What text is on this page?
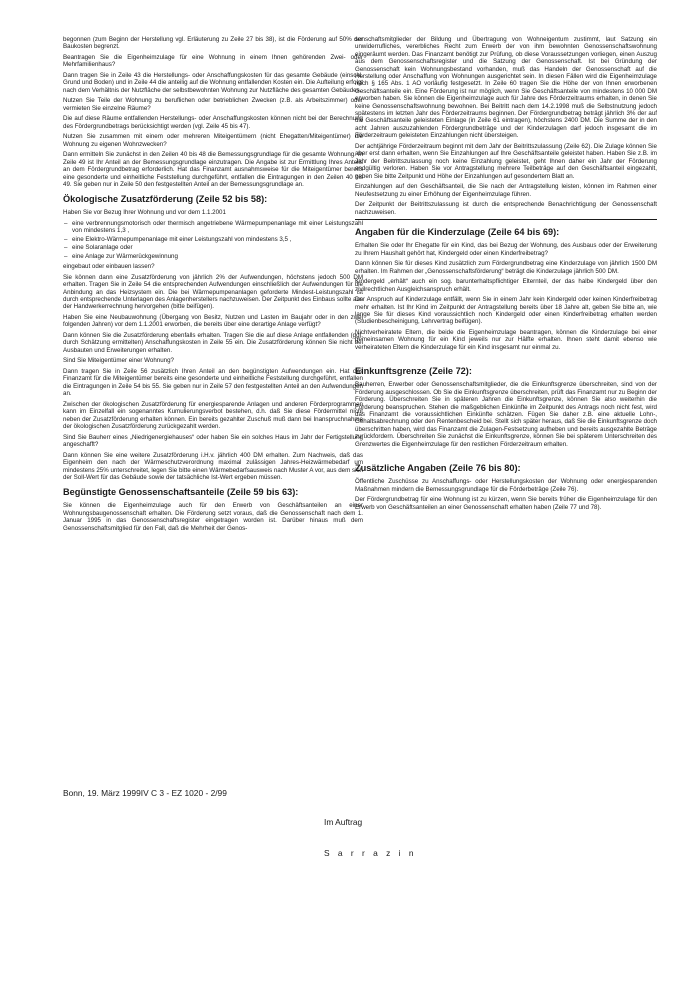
begonnen (zum Beginn der Herstellung vgl. Erläuterung zu Zeile 27 bis 38), ist die Förderung auf 50% der Baukosten begrenzt.

Beantragen Sie die Eigenheimzulage für eine Wohnung in einem Ihnen gehörenden Zwei- oder Mehrfamilienhaus?

Dann tragen Sie in Zeile 43 die Herstellungs- oder Anschaffungskosten für das gesamte Gebäude (einschl. Grund und Boden) und in Zeile 44 die anteilig auf die Wohnung entfallenden Kosten ein. Die Aufteilung erfolgt nach dem Verhältnis der Nutzfläche der selbstbewohnten Wohnung zur Nutzfläche des gesamten Gebäudes.

Nutzen Sie Teile der Wohnung zu beruflichen oder betrieblichen Zwecken (z.B. als Arbeitszimmer) oder vermieten Sie einzelne Räume?

Die auf diese Räume entfallenden Herstellungs- oder Anschaffungskosten können nicht bei der Berechnung des Fördergrundbetrags berücksichtigt werden (vgl. Zeile 45 bis 47).

Nutzen Sie zusammen mit einem oder mehreren Miteigentümern (nicht Ehegatten/Miteigentümer) die Wohnung zu eigenen Wohnzwecken?

Dann ermitteln Sie zunächst in den Zeilen 40 bis 48 die Bemessungsgrundlage für die gesamte Wohnung. In Zeile 49 ist Ihr Anteil an der Bemessungsgrundlage einzutragen. Die Angabe ist zur Ermittlung Ihres Anteils an dem Fördergrundbetrag erforderlich. Hat das Finanzamt ausnahmsweise für die Miteigentümer bereits eine gesonderte und einheitliche Feststellung durchgeführt, entfallen die Eintragungen in den Zeilen 40 bis 49. Sie geben nur in Zeile 50 den festgestellten Anteil an der Bemessungsgrundlage an.

Ökologische Zusatzförderung (Zeile 52 bis 58):

Haben Sie vor Bezug Ihrer Wohnung und vor dem 1.1.2001

– eine verbrennungsmotorisch oder thermisch angetriebene Wärmepumpenanlage mit einer Leistungszahl von mindestens 1,3 ,
– eine Elektro-Wärmepumpenanlage mit einer Leistungszahl von mindestens 3,5 ,
– eine Solaranlage oder
– eine Anlage zur Wärmerückgewinnung

eingebaut oder einbauen lassen?

Sie können dann eine Zusatzförderung von jährlich 2% der Aufwendungen, höchstens jedoch 500 DM erhalten. Tragen Sie in Zeile 54 die entsprechenden Aufwendungen einschließlich der Aufwendungen für die Anbindung an das Heizsystem ein. Die bei Wärmepumpenanlagen geforderte Mindest-Leistungszahl ist durch entsprechende Unterlagen des Anlagenherstellers nachzuweisen. Der Zeitpunkt des Einbaus sollte aus der Handwerkerrechnung hervorgehen (bitte beifügen).

Haben Sie eine Neubauwohnung (Übergang von Besitz, Nutzen und Lasten im Baujahr oder in den zwei folgenden Jahren) vor dem 1.1.2001 erworben, die bereits über eine derartige Anlage verfügt?

Dann können Sie die Zusatzförderung ebenfalls erhalten. Tragen Sie die auf diese Anlage entfallenden (ggf. durch Schätzung ermittelten) Anschaffungskosten in Zeile 55 ein. Die Zusatzförderung können Sie nicht bei Ausbauten und Erweiterungen erhalten.

Sind Sie Miteigentümer einer Wohnung?

Dann tragen Sie in Zeile 56 zusätzlich Ihren Anteil an den begünstigten Aufwendungen ein. Hat das Finanzamt für die Miteigentümer bereits eine gesonderte und einheitliche Feststellung durchgeführt, entfallen die Eintragungen in Zeile 54 bis 55. Sie geben nur in Zeile 57 den festgestellten Anteil an den Aufwendungen an.

Zwischen der ökologischen Zusatzförderung für energiesparende Anlagen und anderen Förderprogrammen kann im Einzelfall ein sogenanntes Kumulierungsverbot bestehen, d.h. daß Sie diese Fördermittel nicht neben der Zusatzförderung erhalten können. Ein bereits gezahlter Zuschuß muß dann bei Inanspruchnahme der ökologischen Zusatzförderung zurückgezahlt werden.

Sind Sie Bauherr eines „Niedrigenergiehauses“ oder haben Sie ein solches Haus im Jahr der Fertigstellung angeschafft?

Dann können Sie eine weitere Zusatzförderung i.H.v. jährlich 400 DM erhalten. Zum Nachweis, daß das Eigenheim den nach der Wärmeschutzverordnung maximal zulässigen Jahres-Heizwärmebedarf um mindestens 25% unterschreitet, legen Sie bitte einen Wärmebedarfsausweis nach Muster A vor, aus dem sich der Soll-Wert für das Gebäude sowie der tatsächliche Ist-Wert ergeben müssen.

Begünstigte Genossenschaftsanteile (Zeile 59 bis 63):

Sie können die Eigenheimzulage auch für den Erwerb von Geschäftsanteilen an einer Wohnungsbaugenossenschaft erhalten. Die Förderung setzt voraus, daß die Genossenschaft nach dem 1. Januar 1995 in das Genossenschaftsregister eingetragen worden ist. Darüber hinaus muß dem Genossenschaftsmitglied für den Fall, daß die Mehrheit der Genos-

senschaftsmitglieder der Bildung und Übertragung von Wohneigentum zustimmt, laut Satzung ein unwiderrufliches, vererbliches Recht zum Erwerb der von ihm bewohnten Genossenschaftswohnung eingeräumt werden. Das Finanzamt benötigt zur Prüfung, ob diese Voraussetzungen vorliegen, einen Auszug aus dem Genossenschaftsregister und die Satzung der Genossenschaft. Ist bei Gründung der Genossenschaft kein Wohnungsbestand vorhanden, muß das Handeln der Genossenschaft auf die Herstellung oder Anschaffung von Wohnungen ausgerichtet sein. In diesen Fällen wird die Eigenheimzulage nach § 165 Abs. 1 AO vorläufig festgesetzt. In Zeile 60 tragen Sie die Höhe der von Ihnen erworbenen Geschäftsanteile ein. Eine Förderung ist nur möglich, wenn Sie Geschäftsanteile von mindestens 10 000 DM erworben haben. Sie können die Eigenheimzulage auch für Jahre des Förderzeitraums erhalten, in denen Sie keine Genossenschaftswohnung bewohnen. Bei Beitritt nach dem 14.2.1998 muß die Selbstnutzung jedoch spätestens im letzten Jahr des Förderzeitraums beginnen. Der Fördergrundbetrag beträgt jährlich 3% der auf die Geschäftsanteile geleisteten Einlage (in Zeile 61 eintragen), höchstens 2400 DM. Die Summe der in den acht Jahren auszuzahlenden Fördergrundbeträge und der Kinderzulagen darf jedoch insgesamt die im Förderzeitraum geleisteten Einzahlungen nicht übersteigen.

Der achtjährige Förderzeitraum beginnt mit dem Jahr der Beitrittszulassung (Zeile 62). Die Zulage können Sie aber erst dann erhalten, wenn Sie Einzahlungen auf Ihre Geschäftsanteile geleistet haben. Haben Sie z.B. im Jahr der Beitrittszulassung noch keine Einzahlung geleistet, geht Ihnen daher ein Jahr der Förderung endgültig verloren. Haben Sie vor Antragstellung mehrere Teilbeträge auf den Geschäftsanteil eingezahlt, geben Sie bitte Zeitpunkt und Höhe der Einzahlungen auf gesondertem Blatt an.

Einzahlungen auf den Geschäftsanteil, die Sie nach der Antragstellung leisten, können im Rahmen einer Neufestsetzung zu einer Erhöhung der Eigenheimzulage führen.

Der Zeitpunkt der Beitrittszulassung ist durch die entsprechende Benachrichtigung der Genossenschaft nachzuweisen.

Angaben für die Kinderzulage (Zeile 64 bis 69):

Erhalten Sie oder Ihr Ehegatte für ein Kind, das bei Bezug der Wohnung, des Ausbaus oder der Erweiterung zu Ihrem Haushalt gehört hat, Kindergeld oder einen Kinderfreibetrag?

Dann können Sie für dieses Kind zusätzlich zum Fördergrundbetrag eine Kinderzulage von jährlich 1500 DM erhalten. Im Rahmen der „Genossenschaftsförderung“ beträgt die Kinderzulage jährlich 500 DM.

Kindergeld „erhält“ auch ein sog. barunterhaltspflichtiger Elternteil, der das halbe Kindergeld über den zivilrechtlichen Ausgleichsanspruch erhält.

Der Anspruch auf Kinderzulage entfällt, wenn Sie in einem Jahr kein Kindergeld oder keinen Kinderfreibetrag mehr erhalten. Ist Ihr Kind im Zeitpunkt der Antragstellung bereits über 18 Jahre alt, geben Sie bitte an, wie lange Sie für dieses Kind voraussichtlich noch Kindergeld oder einen Kinderfreibetrag erhalten werden (Studienbescheinigung, Lehrvertrag beifügen).

Nichtverheiratete Eltern, die beide die Eigenheimzulage beantragen, können die Kinderzulage bei einer gemeinsamen Wohnung für ein Kind jeweils nur zur Hälfte erhalten. Ihnen steht damit ebenso wie verheirateten Eltern die Kinderzulage für ein Kind insgesamt nur einmal zu.

Einkunftsgrenze (Zeile 72):

Bauherren, Erwerber oder Genossenschaftsmitglieder, die die Einkunftsgrenze überschreiten, sind von der Förderung ausgeschlossen. Ob Sie die Einkunftsgrenze überschreiten, prüft das Finanzamt nur zu Beginn der Förderung. Überschreiten Sie in späteren Jahren die Einkunftsgrenze, können Sie also weiterhin die Förderung beanspruchen. Stehen die maßgeblichen Einkünfte im Zeitpunkt des Antrags noch nicht fest, wird das Finanzamt die voraussichtlichen Einkünfte schätzen. Fügen Sie daher z.B. eine aktuelle Lohn-, Gehaltsabrechnung oder den Rentenbescheid bei. Stellt sich später heraus, daß Sie die Einkunftsgrenze doch überschritten haben, wird das Finanzamt die Zulagen-Festsetzung aufheben und bereits ausgezahlte Beträge zurückfordern. Überschreiten Sie zunächst die Einkunftsgrenze, können Sie bei späterem Unterschreiten des Grenzwertes die Eigenheimzulage für den restlichen Förderzeitraum erhalten.

Zusätzliche Angaben (Zeile 76 bis 80):

Öffentliche Zuschüsse zu Anschaffungs- oder Herstellungskosten der Wohnung oder energiesparenden Maßnahmen mindern die Bemessungsgrundlage für die Förderbeträge (Zeile 76).

Der Fördergrundbetrag für eine Wohnung ist zu kürzen, wenn Sie bereits früher die Eigenheimzulage für den Erwerb von Geschäftsanteilen an einer Genossenschaft erhalten haben (Zeile 77 und 78).

Bonn, 19. März 1999IV C 3 - EZ 1020 - 2/99
Im Auftrag
S a r r a z i n
